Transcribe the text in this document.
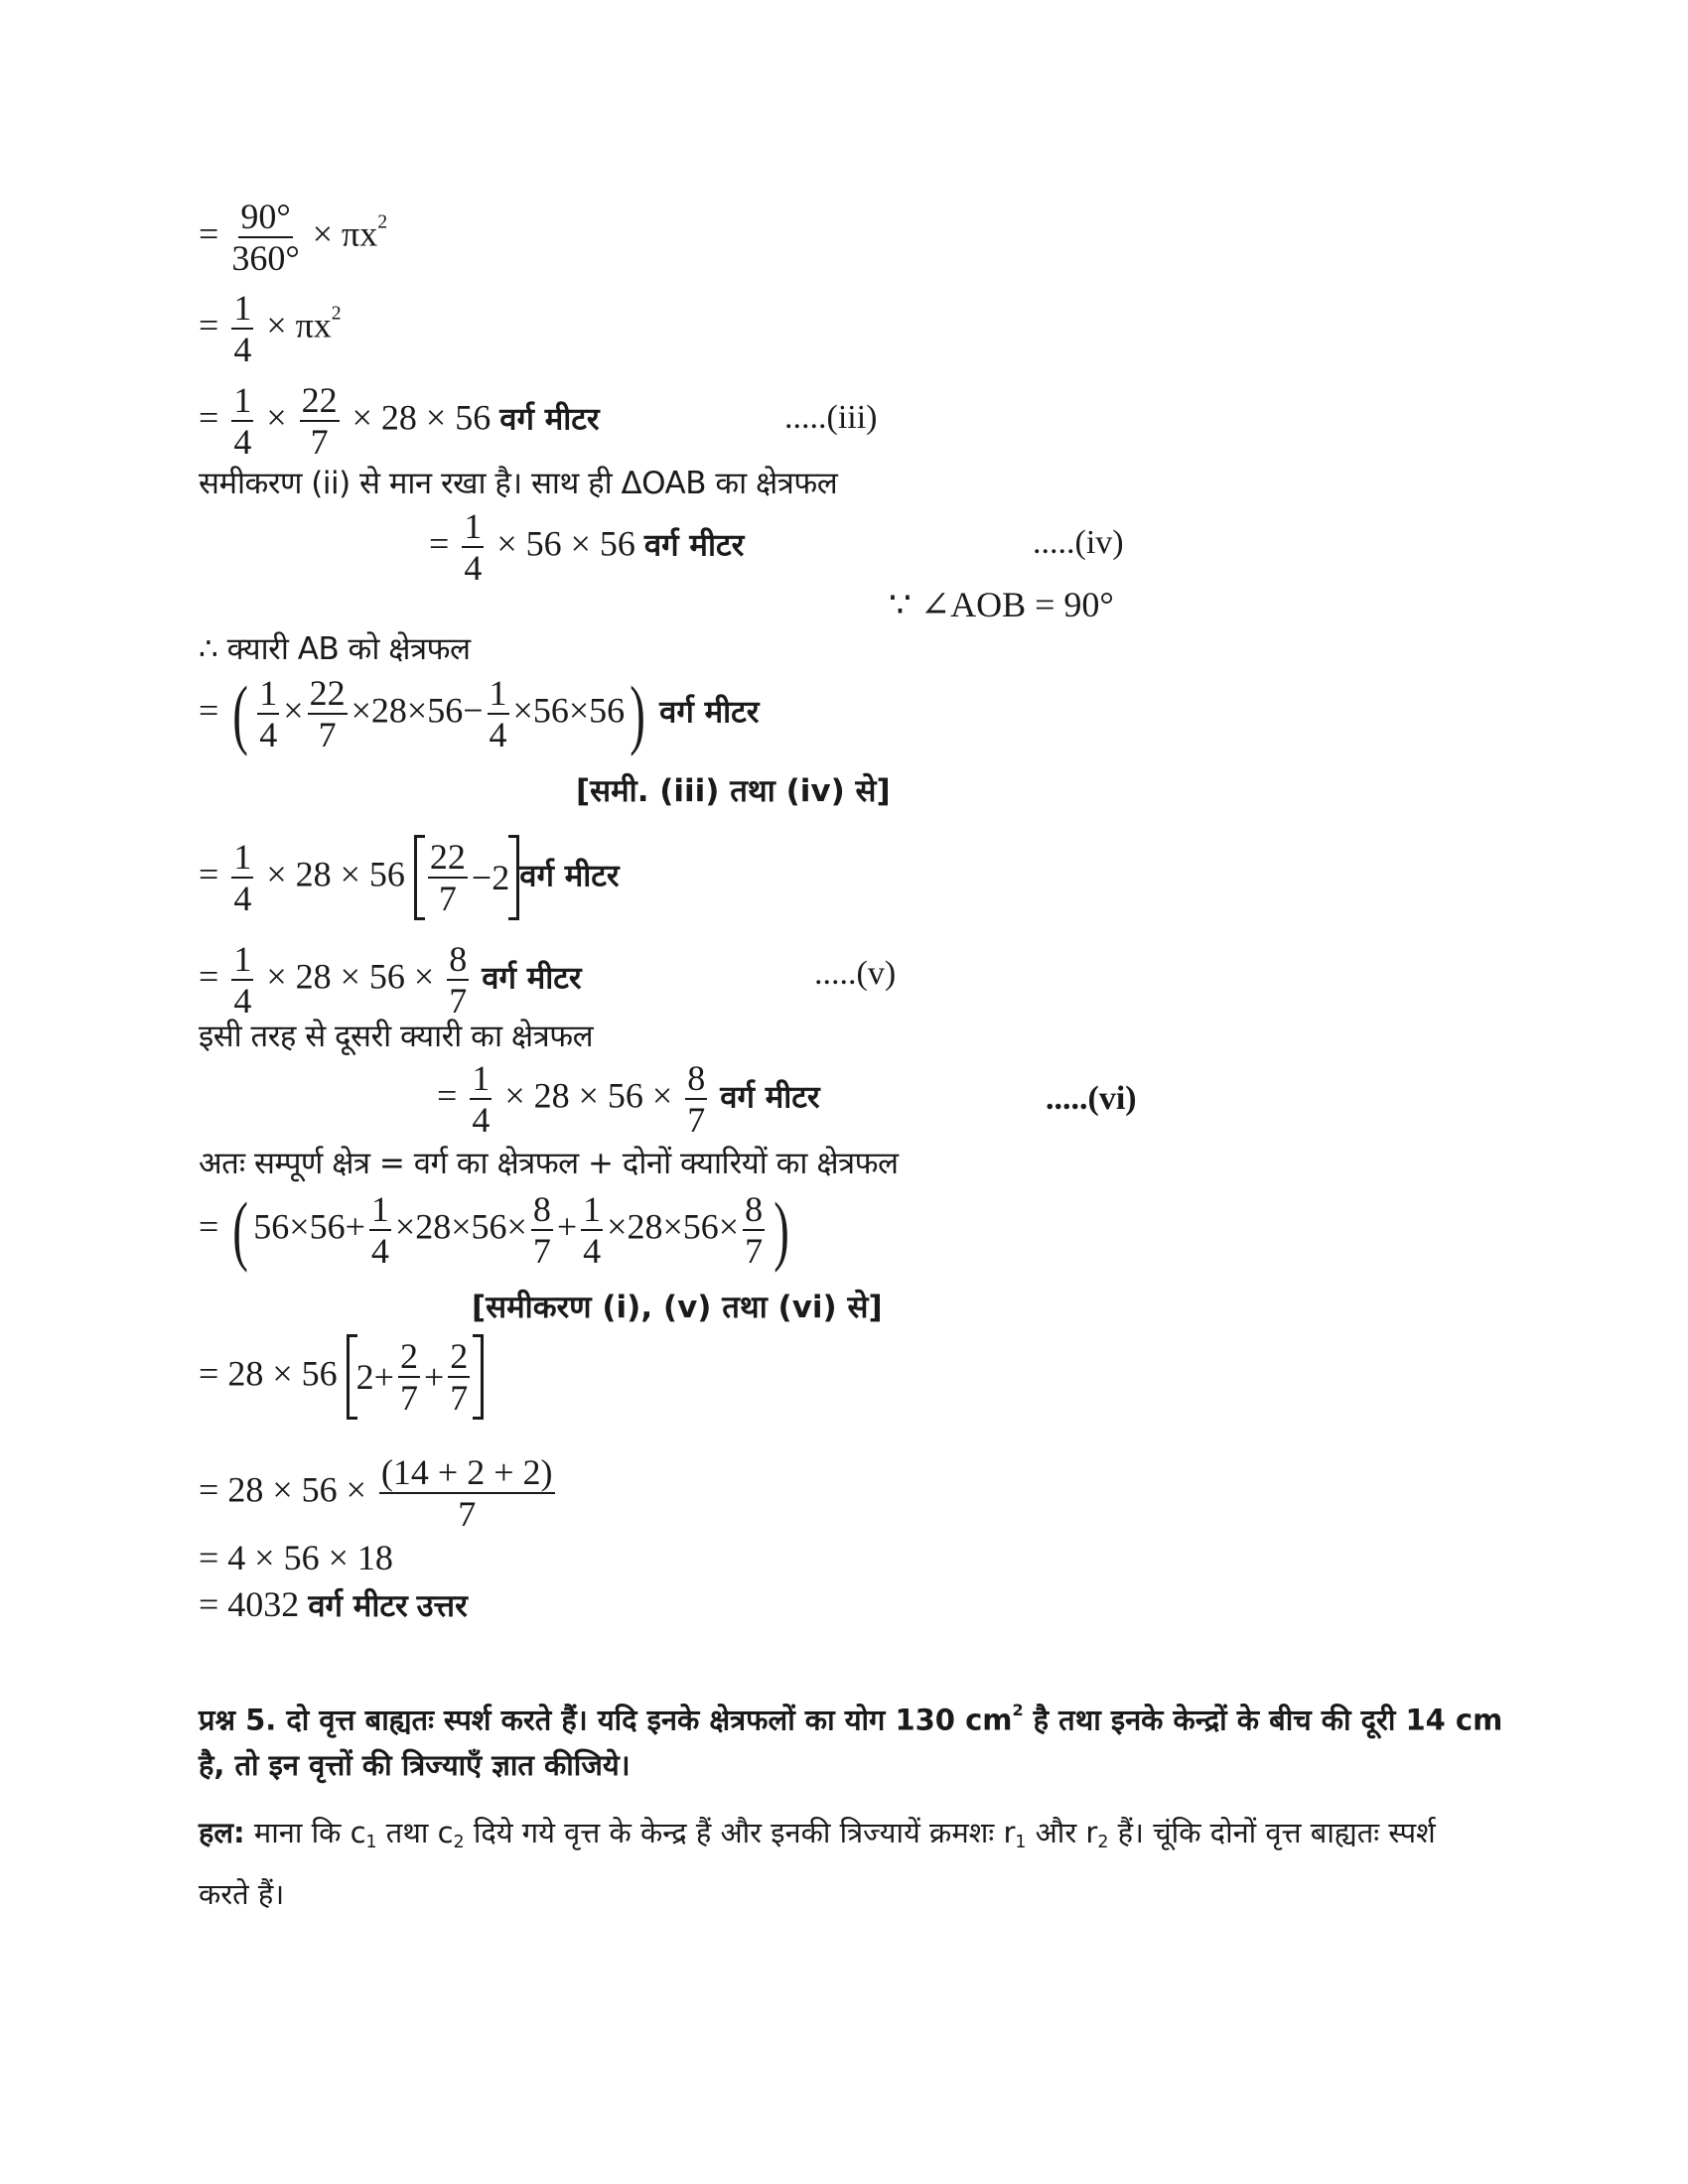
= $\frac{90^\circ}{360^\circ} \times \pi x^2$
= $\frac{1}{4} \times \pi x^2$
= $\frac{1}{4} \times \frac{22}{7} \times 28 \times 56$ वर्ग मीटर	.....(iii)
समीकरण (ii) से मान रखा है। साथ ही ΔOAB का क्षेत्रफल
= $\frac{1}{4} \times 56 \times 56$ वर्ग मीटर	.....(iv)
∵ ∠AOB = 90°
∴ क्यारी AB को क्षेत्रफल
= ( $\frac{1}{4} \times \frac{22}{7} \times 28\times 56- \frac{1}{4} \times 56\times 56$) वर्ग मीटर
[समी. (iii) तथा (iv) से]
= $\frac{1}{4} \times 28 \times 56 \frac{22}{7} -2$ वर्ग मीटर
= $\frac{1}{4} \times 28 \times 56 \times \frac{8}{7}$ वर्ग मीटर	.....(v)
इसी तरह से दूसरी क्यारी का क्षेत्रफल
= $\frac{1}{4} \times 28 \times 56 \times \frac{8}{7}$ वर्ग मीटर	.....(vi)
अतः सम्पूर्ण क्षेत्र = वर्ग का क्षेत्रफल + दोनों क्यारियों का क्षेत्रफल
= ( $56\times 56+ \frac{1}{4} \times 28\times 56\times \frac{8}{7} + \frac{1}{4} \times 28\times 56\times \frac{8}{7}$ )
[समीकरण (i), (v) तथा (vi) से]
= 28 × 56 $2+ \frac{2}{7} + \frac{2}{7}$
= $28 \times 56 \times \frac{(14 + 2 + 2)}{7}$
= 4 × 56 × 18
= 4032 वर्ग मीटर उत्तर
प्रश्न 5. दो वृत्त बाह्यतः स्पर्श करते हैं। यदि इनके क्षेत्रफलों का योग 130 $cm^2$ है तथा इनके केन्द्रों के बीच की दूरी 14 cm है, तो इन वृत्तों की त्रिज्याएँ ज्ञात कीजिये।
हल: माना कि $c_1$ तथा $c_2$ दिये गये वृत्त के केन्द्र हैं और इनकी त्रिज्यायें क्रमशः $r_1$ और $r_2$ हैं। चूंकि दोनों वृत्त बाह्यतः स्पर्श करते हैं।
